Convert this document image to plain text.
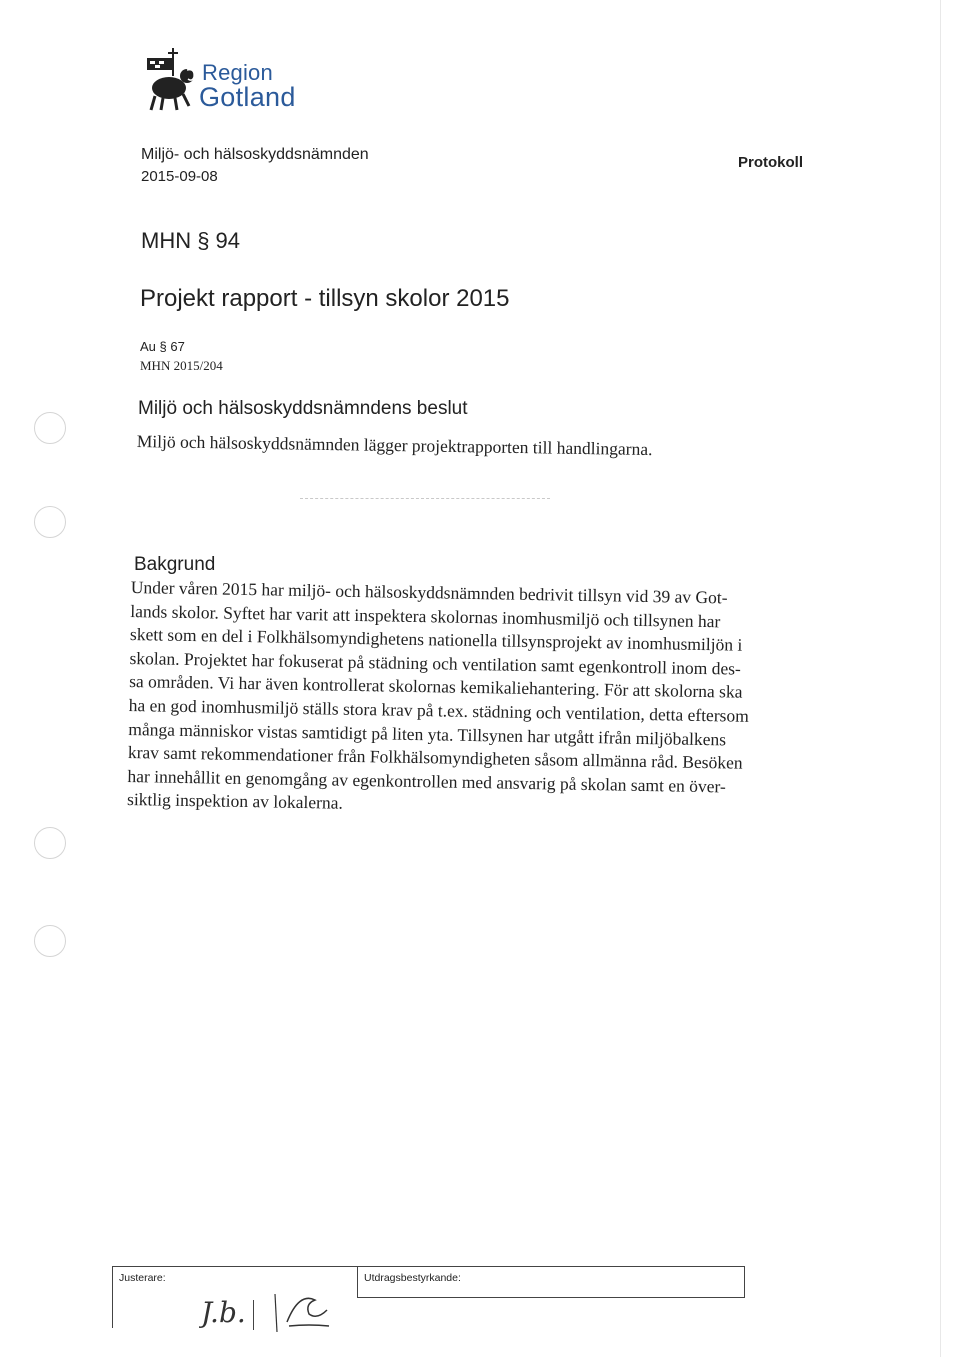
Region
Gotland
Miljö- och hälsoskyddsnämnden
2015-09-08
Protokoll
MHN § 94
Projekt rapport - tillsyn skolor 2015
Au § 67
MHN 2015/204
Miljö och hälsoskyddsnämndens beslut
Miljö och hälsoskyddsnämnden lägger projektrapporten till handlingarna.
Bakgrund
Under våren 2015 har miljö- och hälsoskyddsnämnden bedrivit tillsyn vid 39 av Got-
lands skolor. Syftet har varit att inspektera skolornas inomhusmiljö och tillsynen har
skett som en del i Folkhälsomyndighetens nationella tillsynsprojekt av inomhusmiljön i
skolan. Projektet har fokuserat på städning och ventilation samt egenkontroll inom des-
sa områden. Vi har även kontrollerat skolornas kemikaliehantering. För att skolorna ska
ha en god inomhusmiljö ställs stora krav på t.ex. städning och ventilation, detta eftersom
många människor vistas samtidigt på liten yta. Tillsynen har utgått ifrån miljöbalkens
krav samt rekommendationer från Folkhälsomyndigheten såsom allmänna råd. Besöken
har innehållit en genomgång av egenkontrollen med ansvarig på skolan samt en över-
siktlig inspektion av lokalerna.
Justerare:
J.b.
Utdragsbestyrkande:
